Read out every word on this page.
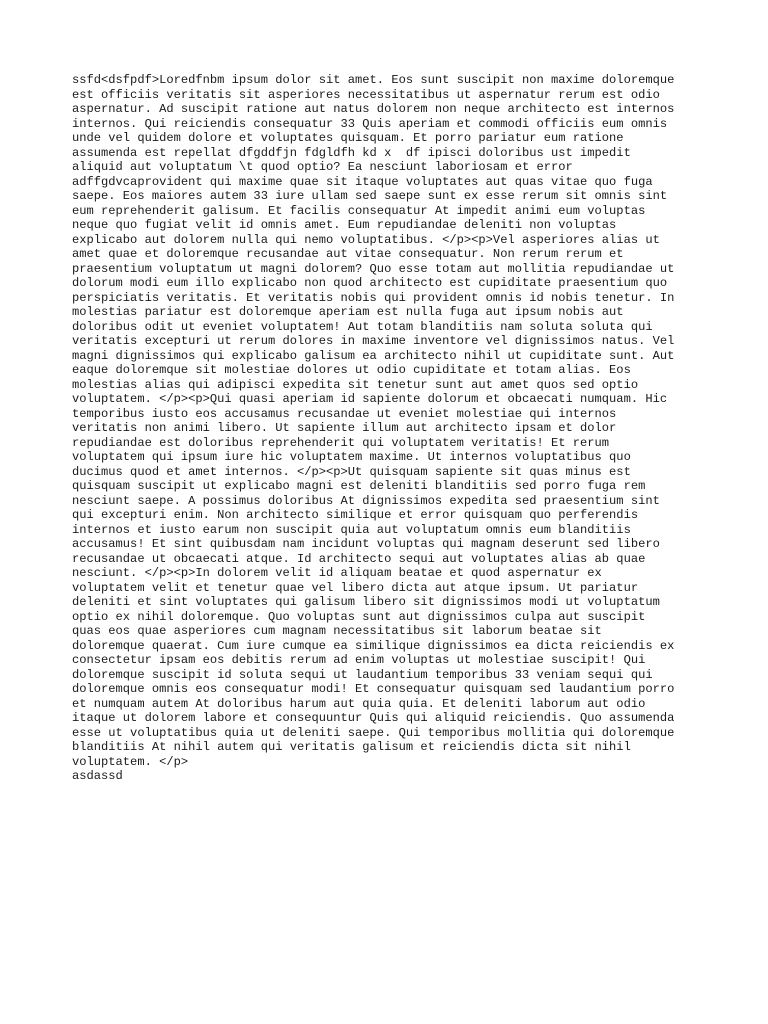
ssfd<dsfpdf>Loredfnbm ipsum dolor sit amet. Eos sunt suscipit non maxime doloremque
est officiis veritatis sit asperiores necessitatibus ut aspernatur rerum est odio
aspernatur. Ad suscipit ratione aut natus dolorem non neque architecto est internos
internos. Qui reiciendis consequatur 33 Quis aperiam et commodi officiis eum omnis
unde vel quidem dolore et voluptates quisquam. Et porro pariatur eum ratione
assumenda est repellat dfgddfjn fdgldfh kd x  df ipisci doloribus ust impedit
aliquid aut voluptatum \t quod optio? Ea nesciunt laboriosam et error
adffgdvcaprovident qui maxime quae sit itaque voluptates aut quas vitae quo fuga
saepe. Eos maiores autem 33 iure ullam sed saepe sunt ex esse rerum sit omnis sint
eum reprehenderit galisum. Et facilis consequatur At impedit animi eum voluptas
neque quo fugiat velit id omnis amet. Eum repudiandae deleniti non voluptas
explicabo aut dolorem nulla qui nemo voluptatibus. </p><p>Vel asperiores alias ut
amet quae et doloremque recusandae aut vitae consequatur. Non rerum rerum et
praesentium voluptatum ut magni dolorem? Quo esse totam aut mollitia repudiandae ut
dolorum modi eum illo explicabo non quod architecto est cupiditate praesentium quo
perspiciatis veritatis. Et veritatis nobis qui provident omnis id nobis tenetur. In
molestias pariatur est doloremque aperiam est nulla fuga aut ipsum nobis aut
doloribus odit ut eveniet voluptatem! Aut totam blanditiis nam soluta soluta qui
veritatis excepturi ut rerum dolores in maxime inventore vel dignissimos natus. Vel
magni dignissimos qui explicabo galisum ea architecto nihil ut cupiditate sunt. Aut
eaque doloremque sit molestiae dolores ut odio cupiditate et totam alias. Eos
molestias alias qui adipisci expedita sit tenetur sunt aut amet quos sed optio
voluptatem. </p><p>Qui quasi aperiam id sapiente dolorum et obcaecati numquam. Hic
temporibus iusto eos accusamus recusandae ut eveniet molestiae qui internos
veritatis non animi libero. Ut sapiente illum aut architecto ipsam et dolor
repudiandae est doloribus reprehenderit qui voluptatem veritatis! Et rerum
voluptatem qui ipsum iure hic voluptatem maxime. Ut internos voluptatibus quo
ducimus quod et amet internos. </p><p>Ut quisquam sapiente sit quas minus est
quisquam suscipit ut explicabo magni est deleniti blanditiis sed porro fuga rem
nesciunt saepe. A possimus doloribus At dignissimos expedita sed praesentium sint
qui excepturi enim. Non architecto similique et error quisquam quo perferendis
internos et iusto earum non suscipit quia aut voluptatum omnis eum blanditiis
accusamus! Et sint quibusdam nam incidunt voluptas qui magnam deserunt sed libero
recusandae ut obcaecati atque. Id architecto sequi aut voluptates alias ab quae
nesciunt. </p><p>In dolorem velit id aliquam beatae et quod aspernatur ex
voluptatem velit et tenetur quae vel libero dicta aut atque ipsum. Ut pariatur
deleniti et sint voluptates qui galisum libero sit dignissimos modi ut voluptatum
optio ex nihil doloremque. Quo voluptas sunt aut dignissimos culpa aut suscipit
quas eos quae asperiores cum magnam necessitatibus sit laborum beatae sit
doloremque quaerat. Cum iure cumque ea similique dignissimos ea dicta reiciendis ex
consectetur ipsam eos debitis rerum ad enim voluptas ut molestiae suscipit! Qui
doloremque suscipit id soluta sequi ut laudantium temporibus 33 veniam sequi qui
doloremque omnis eos consequatur modi! Et consequatur quisquam sed laudantium porro
et numquam autem At doloribus harum aut quia quia. Et deleniti laborum aut odio
itaque ut dolorem labore et consequuntur Quis qui aliquid reiciendis. Quo assumenda
esse ut voluptatibus quia ut deleniti saepe. Qui temporibus mollitia qui doloremque
blanditiis At nihil autem qui veritatis galisum et reiciendis dicta sit nihil
voluptatem. </p>
asdassd
